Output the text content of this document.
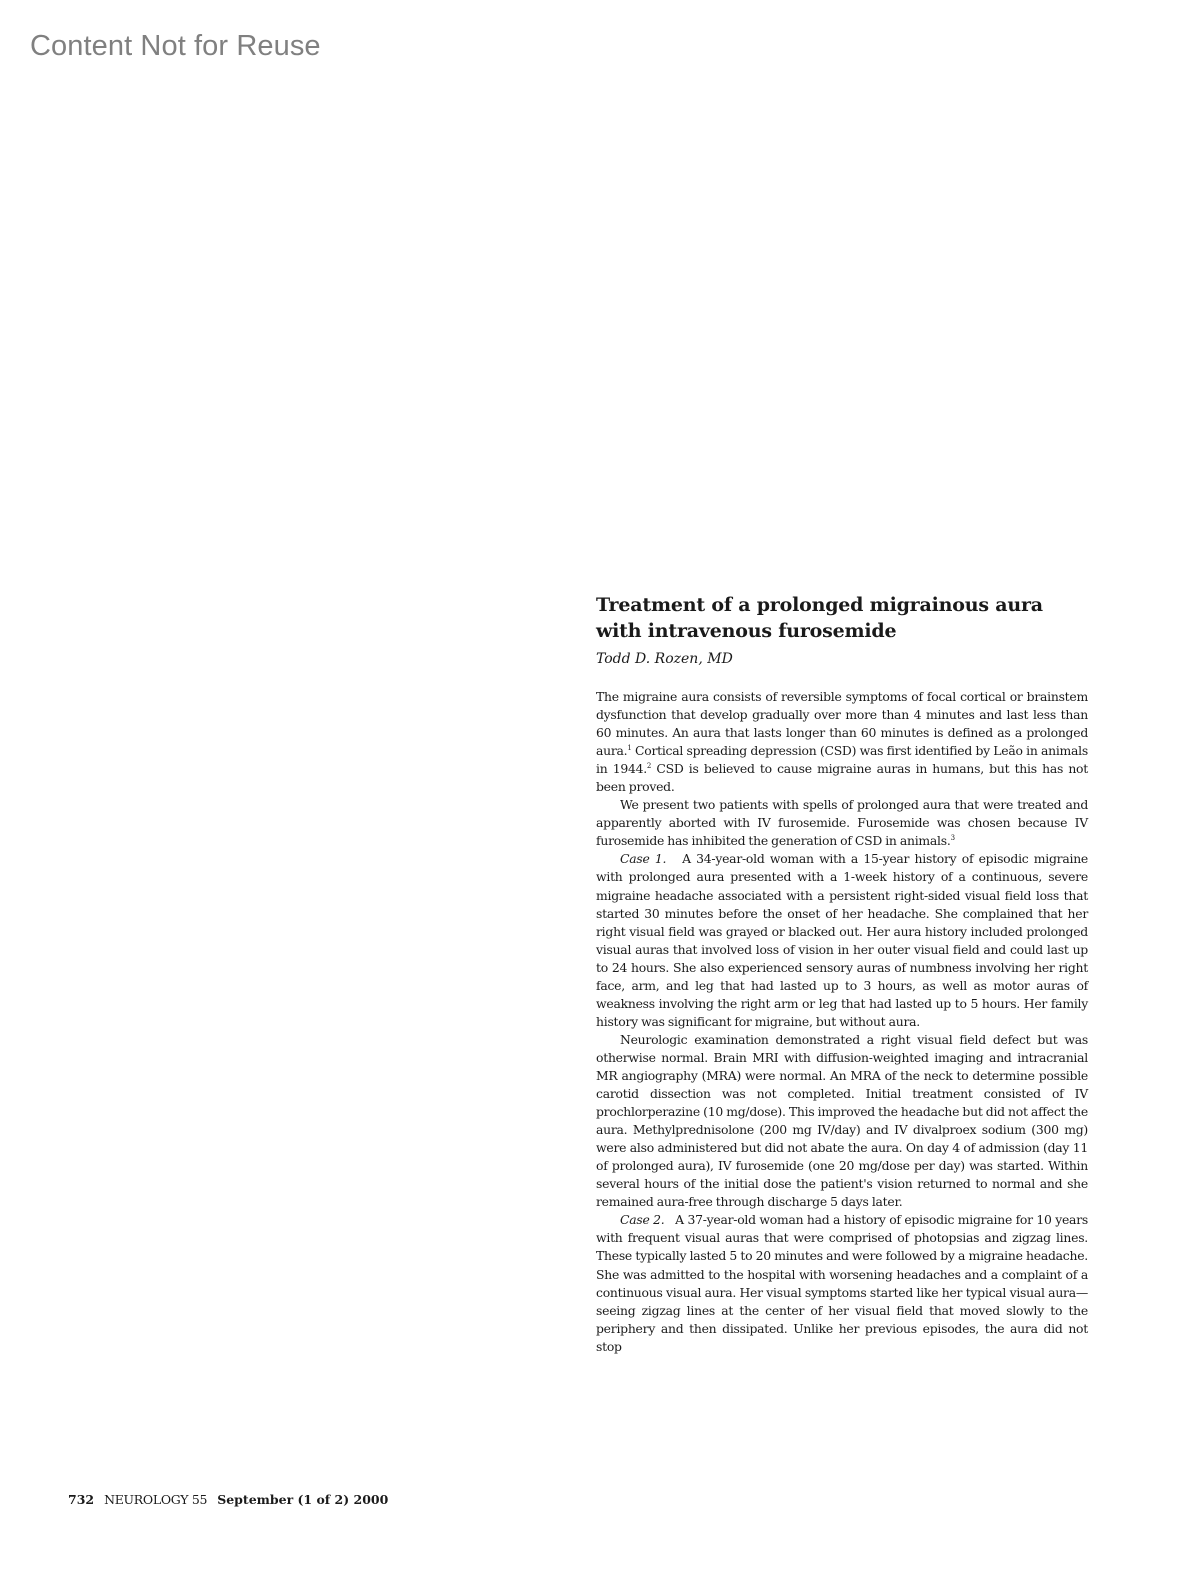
Content Not for Reuse
Treatment of a prolonged migrainous aura with intravenous furosemide
Todd D. Rozen, MD

The migraine aura consists of reversible symptoms of focal cortical or brainstem dysfunction that develop gradually over more than 4 minutes and last less than 60 minutes. An aura that lasts longer than 60 minutes is defined as a prolonged aura.$^1$ Cortical spreading depression (CSD) was first identified by Leão in animals in 1944.$^2$ CSD is believed to cause migraine auras in humans, but this has not been proved.

We present two patients with spells of prolonged aura that were treated and apparently aborted with IV furosemide. Furosemide was chosen because IV furosemide has inhibited the generation of CSD in animals.$^3$

Case 1. A 34-year-old woman with a 15-year history of episodic migraine with prolonged aura presented with a 1-week history of a continuous, severe migraine headache associated with a persistent right-sided visual field loss that started 30 minutes before the onset of her headache. She complained that her right visual field was grayed or blacked out. Her aura history included prolonged visual auras that involved loss of vision in her outer visual field and could last up to 24 hours. She also experienced sensory auras of numbness involving her right face, arm, and leg that had lasted up to 3 hours, as well as motor auras of weakness involving the right arm or leg that had lasted up to 5 hours. Her family history was significant for migraine, but without aura.

Neurologic examination demonstrated a right visual field defect but was otherwise normal. Brain MRI with diffusion-weighted imaging and intracranial MR angiography (MRA) were normal. An MRA of the neck to determine possible carotid dissection was not completed. Initial treatment consisted of IV prochlorperazine (10 mg/dose). This improved the headache but did not affect the aura. Methylprednisolone (200 mg IV/day) and IV divalproex sodium (300 mg) were also administered but did not abate the aura. On day 4 of admission (day 11 of prolonged aura), IV furosemide (one 20 mg/dose per day) was started. Within several hours of the initial dose the patient's vision returned to normal and she remained aura-free through discharge 5 days later.

Case 2. A 37-year-old woman had a history of episodic migraine for 10 years with frequent visual auras that were comprised of photopsias and zigzag lines. These typically lasted 5 to 20 minutes and were followed by a migraine headache. She was admitted to the hospital with worsening headaches and a complaint of a continuous visual aura. Her visual symptoms started like her typical visual aura—seeing zigzag lines at the center of her visual field that moved slowly to the periphery and then dissipated. Unlike her previous episodes, the aura did not stop

732 NEUROLOGY 55 September (1 of 2) 2000
